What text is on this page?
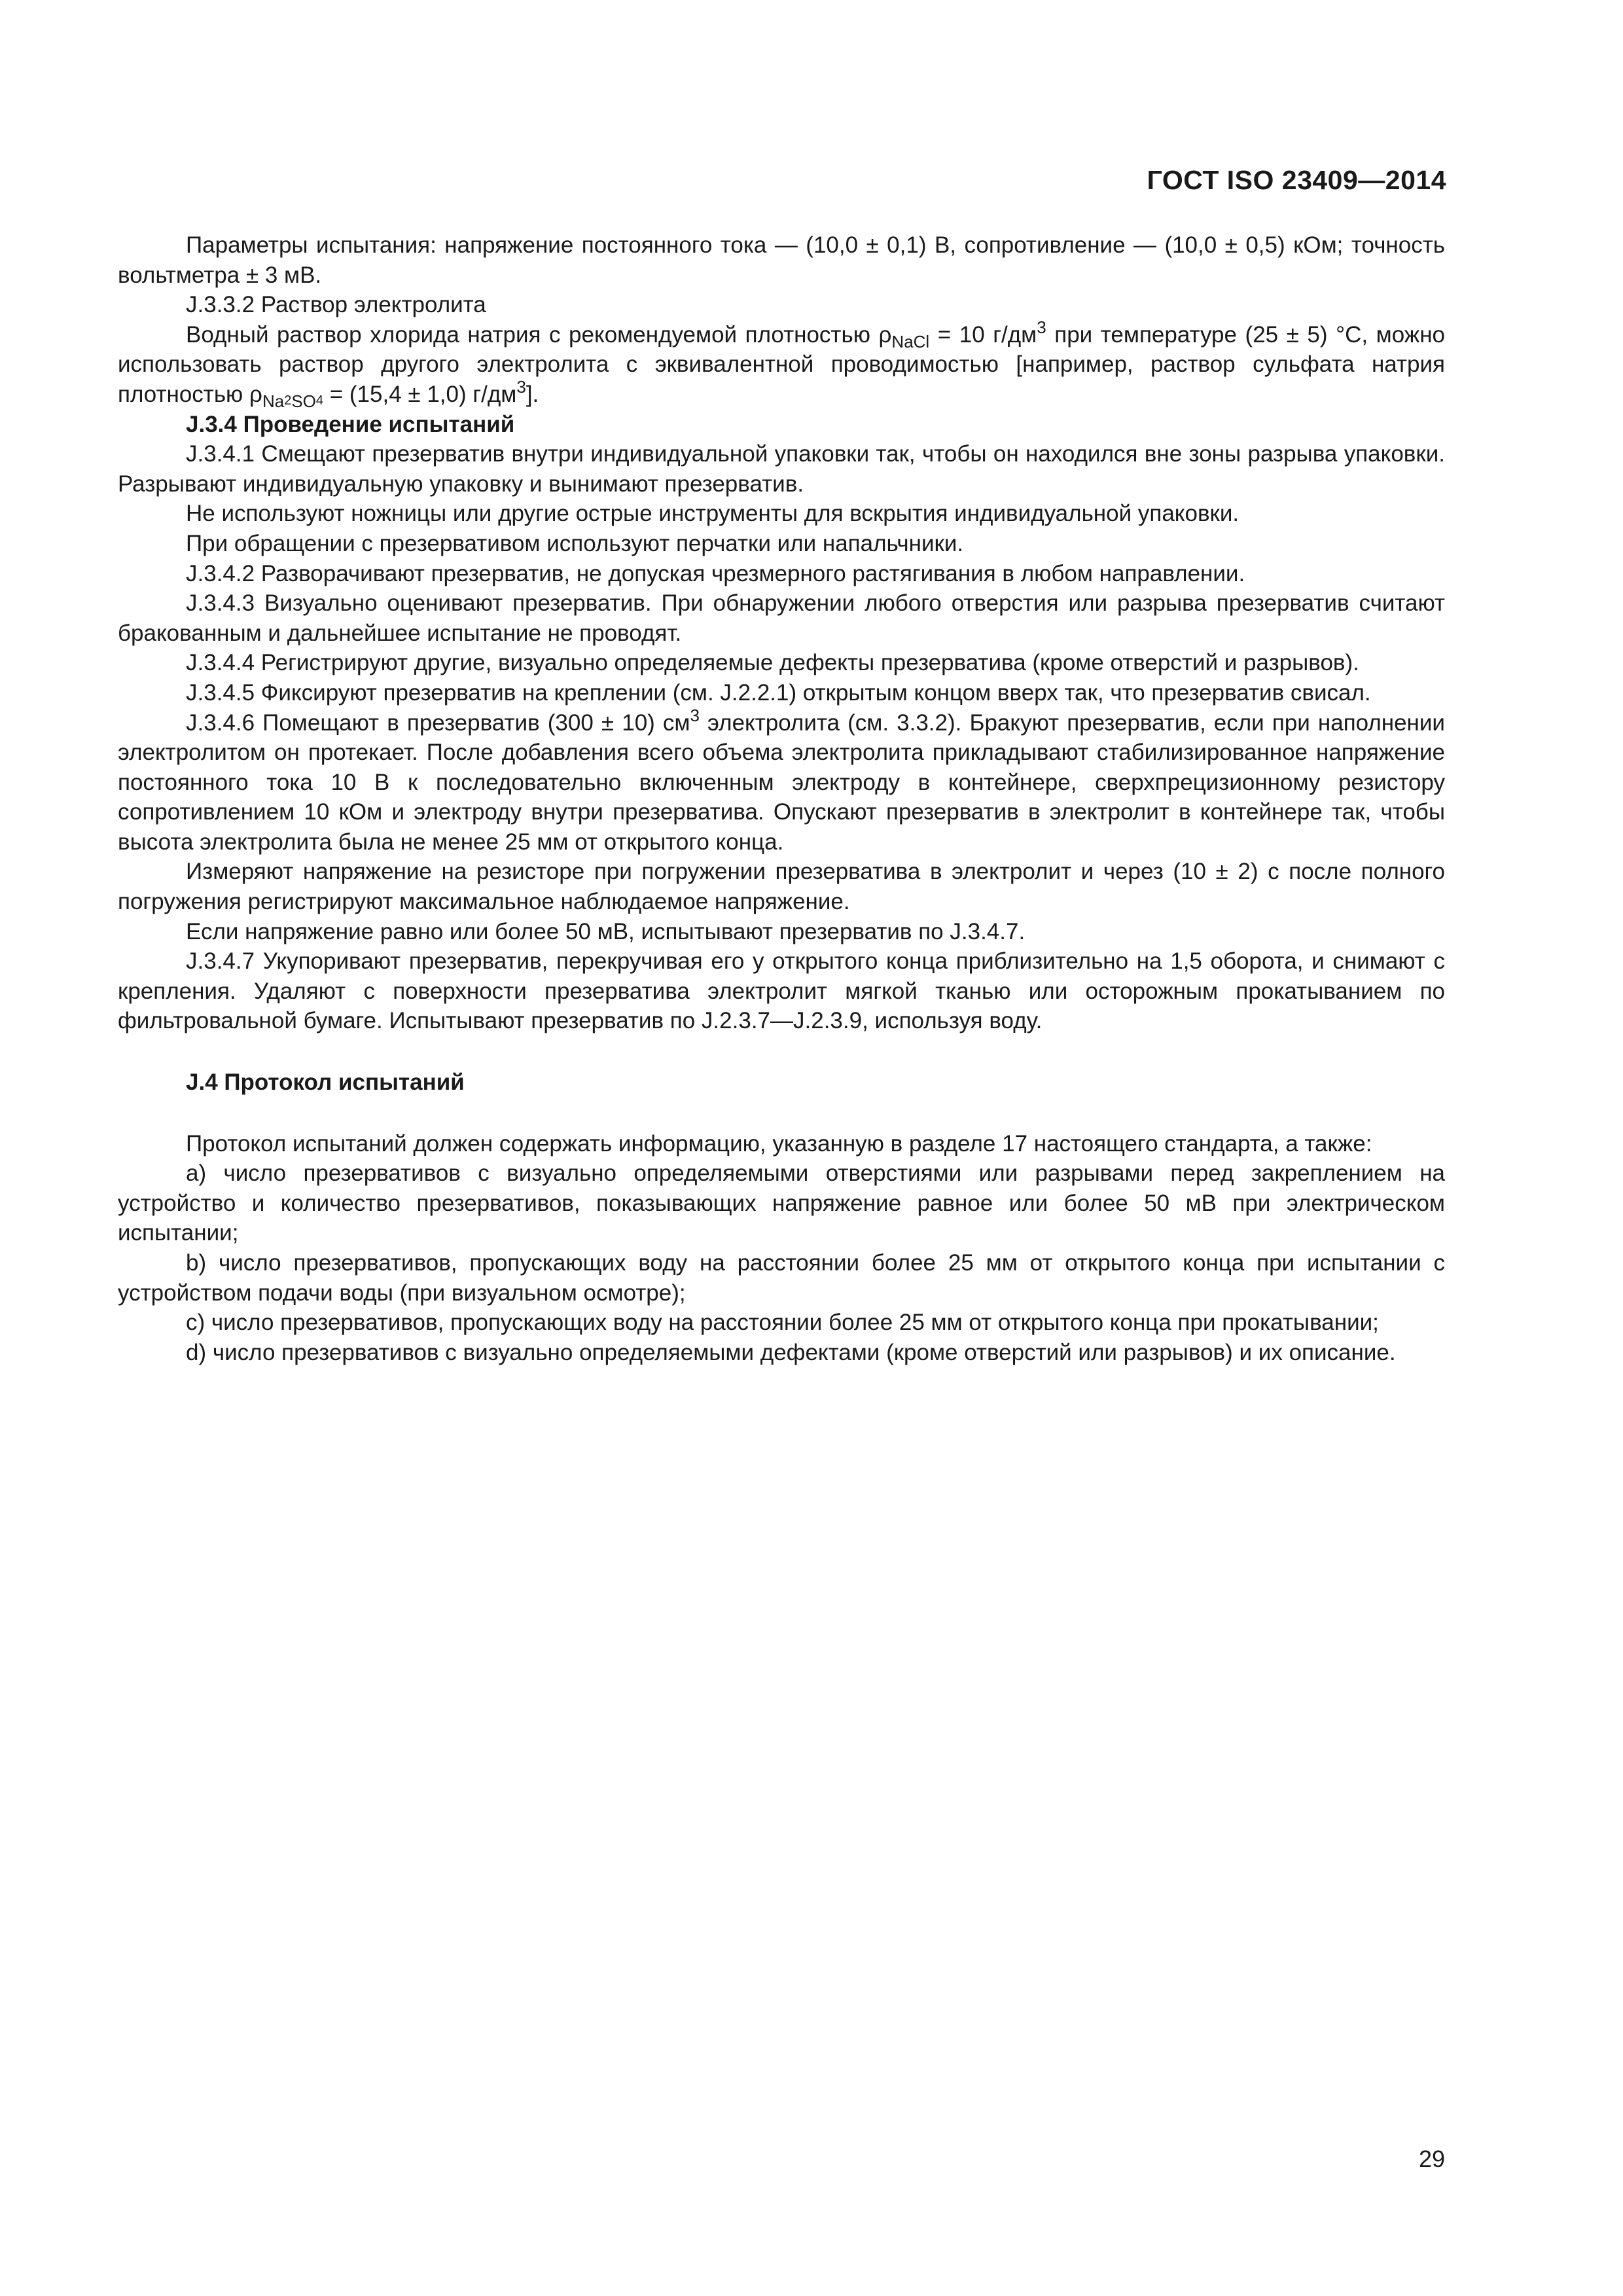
ГОСТ ISO 23409—2014

Параметры испытания: напряжение постоянного тока — (10,0 ± 0,1) В, сопротивление — (10,0 ± 0,5) кОм; точность вольтметра ± 3 мВ.

J.3.3.2 Раствор электролита

Водный раствор хлорида натрия с рекомендуемой плотностью $\rho_{NaCl} = 10$ $г/дм^3$ при температуре (25 ± 5) °С, можно использовать раствор другого электролита с эквивалентной проводимостью [например, раствор сульфата натрия плотностью $\rho_{Na}2_{SO}4 = (15,4 \pm 1,0)$ $г/дм^3$].

J.3.4 Проведение испытаний

J.3.4.1 Смещают презерватив внутри индивидуальной упаковки так, чтобы он находился вне зоны разрыва упаковки. Разрывают индивидуальную упаковку и вынимают презерватив.

Не используют ножницы или другие острые инструменты для вскрытия индивидуальной упаковки.

При обращении с презервативом используют перчатки или напальчники.

J.3.4.2 Разворачивают презерватив, не допуская чрезмерного растягивания в любом направлении.

J.3.4.3 Визуально оценивают презерватив. При обнаружении любого отверстия или разрыва презерватив считают бракованным и дальнейшее испытание не проводят.

J.3.4.4 Регистрируют другие, визуально определяемые дефекты презерватива (кроме отверстий и разрывов).

J.3.4.5 Фиксируют презерватив на креплении (см. J.2.2.1) открытым концом вверх так, что презерватив свисал.

J.3.4.6 Помещают в презерватив (300 ± 10) $см^3$ электролита (см. 3.3.2). Бракуют презерватив, если при наполнении электролитом он протекает. После добавления всего объема электролита прикладывают стабилизированное напряжение постоянного тока 10 В к последовательно включенным электроду в контейнере, сверхпрецизионному резистору сопротивлением 10 кОм и электроду внутри презерватива. Опускают презерватив в электролит в контейнере так, чтобы высота электролита была не менее 25 мм от открытого конца.

Измеряют напряжение на резисторе при погружении презерватива в электролит и через (10 ± 2) с после полного погружения регистрируют максимальное наблюдаемое напряжение.

Если напряжение равно или более 50 мВ, испытывают презерватив по J.3.4.7.

J.3.4.7 Укупоривают презерватив, перекручивая его у открытого конца приблизительно на 1,5 оборота, и снимают с крепления. Удаляют с поверхности презерватива электролит мягкой тканью или осторожным прокатыванием по фильтровальной бумаге. Испытывают презерватив по J.2.3.7—J.2.3.9, используя воду.

J.4 Протокол испытаний

Протокол испытаний должен содержать информацию, указанную в разделе 17 настоящего стандарта, а также:

a) число презервативов с визуально определяемыми отверстиями или разрывами перед закреплением на устройство и количество презервативов, показывающих напряжение равное или более 50 мВ при электрическом испытании;

b) число презервативов, пропускающих воду на расстоянии более 25 мм от открытого конца при испытании с устройством подачи воды (при визуальном осмотре);

c) число презервативов, пропускающих воду на расстоянии более 25 мм от открытого конца при прокатывании;

d) число презервативов с визуально определяемыми дефектами (кроме отверстий или разрывов) и их описание.

29
